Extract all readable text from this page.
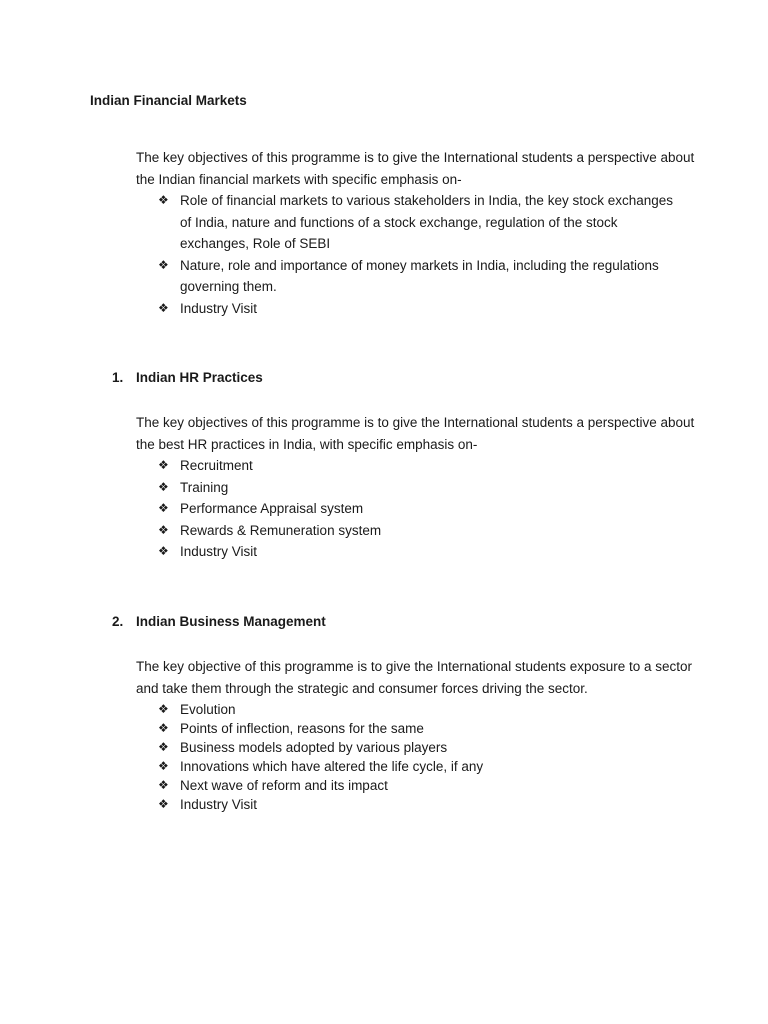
Indian Financial Markets
The key objectives of this programme is to give the International students a perspective about the Indian financial markets with specific emphasis on-
❖ Role of financial markets to various stakeholders in India, the key stock exchanges of India, nature and functions of a stock exchange, regulation of the stock exchanges, Role of SEBI
❖ Nature, role and importance of money markets in India, including the regulations governing them.
❖ Industry Visit
1. Indian HR Practices
The key objectives of this programme is to give the International students a perspective about the best HR practices in India, with specific emphasis on-
❖ Recruitment
❖ Training
❖ Performance Appraisal system
❖ Rewards & Remuneration system
❖ Industry Visit
2. Indian Business Management
The key objective of this programme is to give the International students exposure to a sector and take them through the strategic and consumer forces driving the sector.
❖ Evolution
❖ Points of inflection, reasons for the same
❖ Business models adopted by various players
❖ Innovations which have altered the life cycle, if any
❖ Next wave of reform and its impact
❖ Industry Visit
